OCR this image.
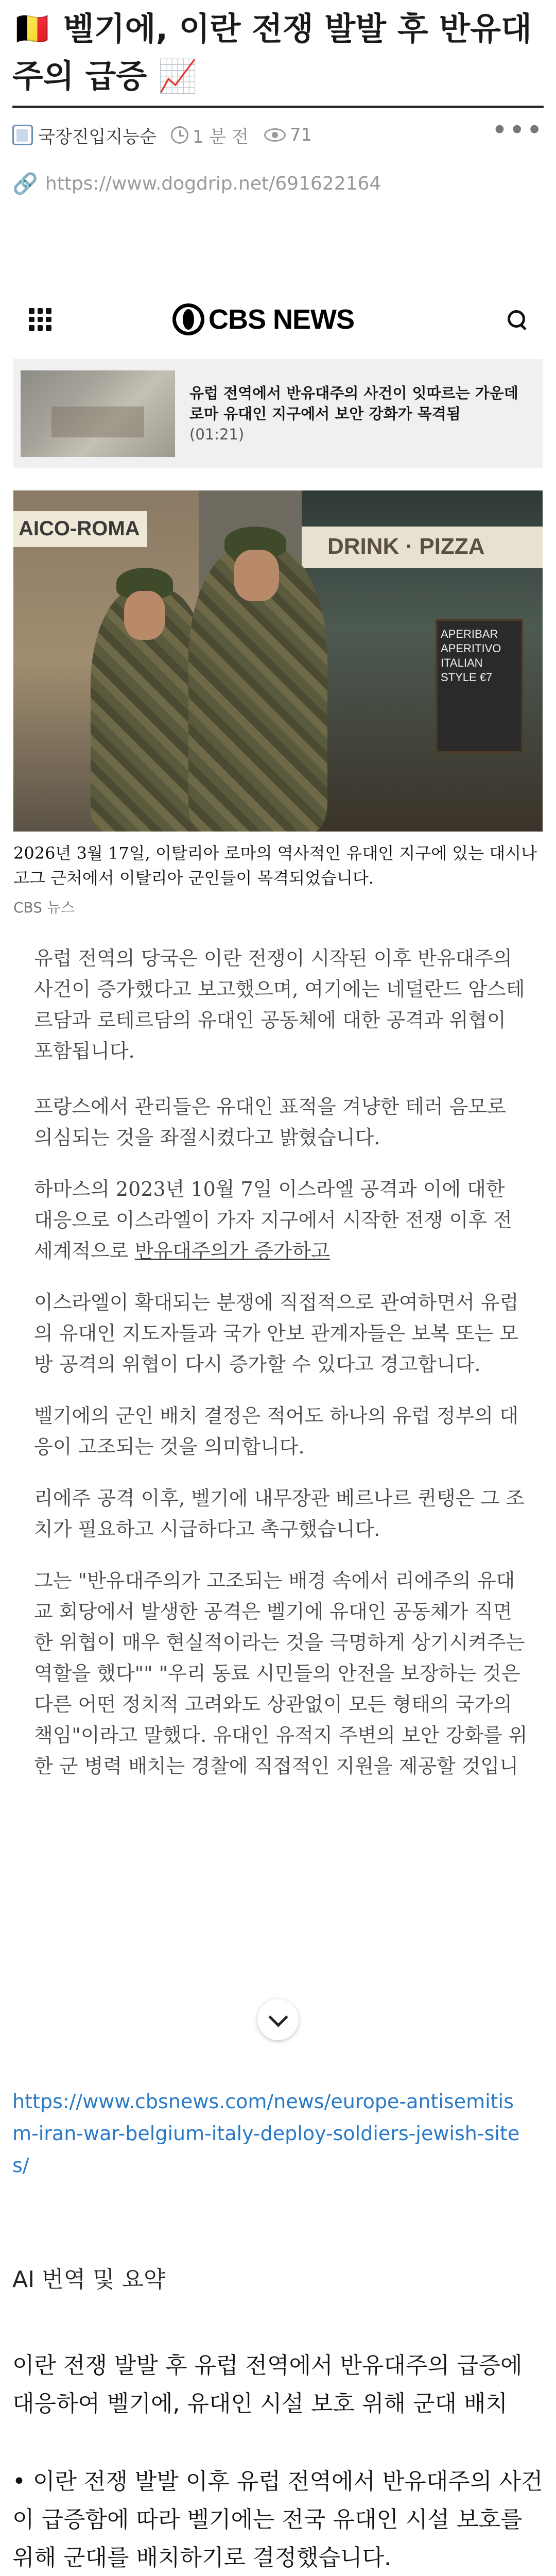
🇧🇪 벨기에, 이란 전쟁 발발 후 반유대주의 급증 📈
국장진입지능순 1 분 전 71	•••
🔗 https://www.dogdrip.net/691622164
CBS NEWS
유럽 전역에서 반유대주의 사건이 잇따르는 가운데 로마 유대인 지구에서 보안 강화가 목격됨
(01:21)
AICO-ROMA
DRINK · PIZZA
APERIBAR APERITIVO ITALIAN STYLE €7

2026년 3월 17일, 이탈리아 로마의 역사적인 유대인 지구에 있는 대시나고그 근처에서 이탈리아 군인들이 목격되었습니다.

CBS 뉴스

유럽 전역의 당국은 이란 전쟁이 시작된 이후 반유대주의 사건이 증가했다고 보고했으며, 여기에는 네덜란드 암스테르담과 로테르담의 유대인 공동체에 대한 공격과 위협이 포함됩니다.

프랑스에서 관리들은 유대인 표적을 겨냥한 테러 음모로 의심되는 것을 좌절시켰다고 밝혔습니다.

하마스의 2023년 10월 7일 이스라엘 공격과 이에 대한 대응으로 이스라엘이 가자 지구에서 시작한 전쟁 이후 전 세계적으로 반유대주의가 증가하고

이스라엘이 확대되는 분쟁에 직접적으로 관여하면서 유럽의 유대인 지도자들과 국가 안보 관계자들은 보복 또는 모방 공격의 위협이 다시 증가할 수 있다고 경고합니다.

벨기에의 군인 배치 결정은 적어도 하나의 유럽 정부의 대응이 고조되는 것을 의미합니다.

리에주 공격 이후, 벨기에 내무장관 베르나르 퀸탱은 그 조치가 필요하고 시급하다고 촉구했습니다.

그는 "반유대주의가 고조되는 배경 속에서 리에주의 유대교 회당에서 발생한 공격은 벨기에 유대인 공동체가 직면한 위협이 매우 현실적이라는 것을 극명하게 상기시켜주는 역할을 했다"" "우리 동료 시민들의 안전을 보장하는 것은 다른 어떤 정치적 고려와도 상관없이 모든 형태의 국가의 책임"이라고 말했다. 유대인 유적지 주변의 보안 강화를 위한 군 병력 배치는 경찰에 직접적인 지원을 제공할 것입니

https://www.cbsnews.com/news/europe-antisemitism-iran-war-belgium-italy-deploy-soldiers-jewish-sites/
AI 번역 및 요약
이란 전쟁 발발 후 유럽 전역에서 반유대주의 급증에 대응하여 벨기에, 유대인 시설 보호 위해 군대 배치
• 이란 전쟁 발발 이후 유럽 전역에서 반유대주의 사건이 급증함에 따라 벨기에는 전국 유대인 시설 보호를 위해 군대를 배치하기로 결정했습니다.
